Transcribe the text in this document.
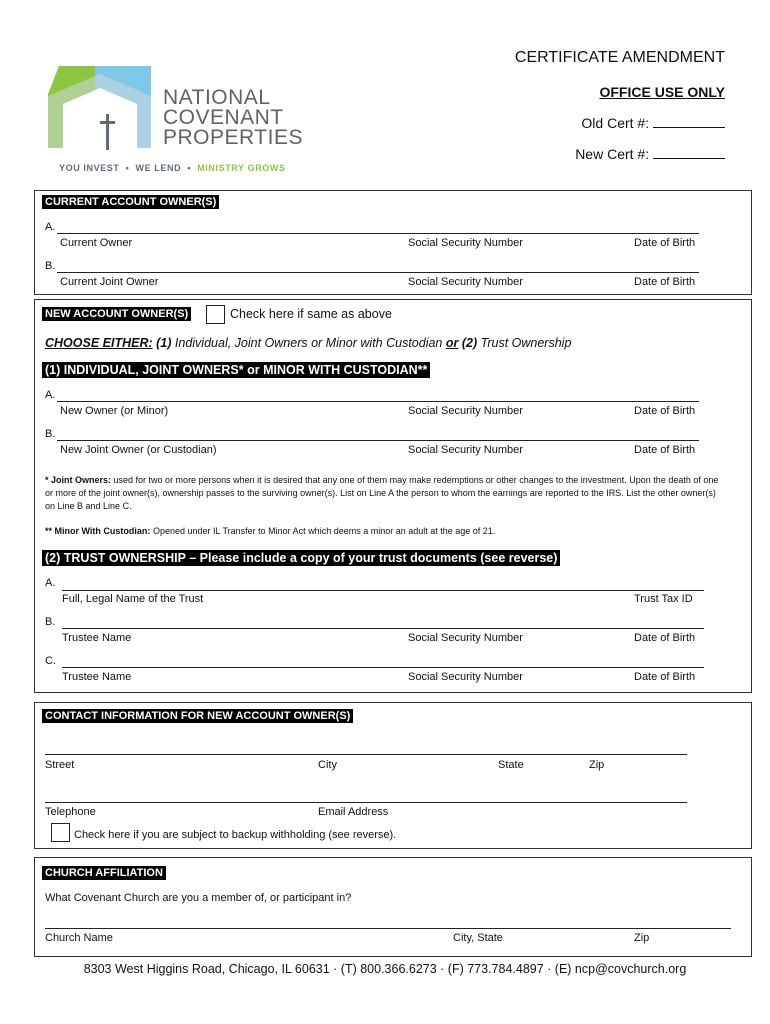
NATIONAL
COVENANT
PROPERTIES
YOU INVEST • WE LEND • MINISTRY GROWS
CERTIFICATE AMENDMENT
OFFICE USE ONLY
Old Cert #:
New Cert #:
CURRENT ACCOUNT OWNER(S)
A.
Current Owner	Social Security Number	Date of Birth
B.
Current Joint Owner	Social Security Number	Date of Birth
NEW ACCOUNT OWNER(S)	Check here if same as above
CHOOSE EITHER: (1) Individual, Joint Owners or Minor with Custodian or (2) Trust Ownership
(1) INDIVIDUAL, JOINT OWNERS* or MINOR WITH CUSTODIAN**
A.
New Owner (or Minor)	Social Security Number	Date of Birth
B.
New Joint Owner (or Custodian)	Social Security Number	Date of Birth
* Joint Owners: used for two or more persons when it is desired that any one of them may make redemptions or other changes to the investment. Upon the death of one or more of the joint owner(s), ownership passes to the surviving owner(s). List on Line A the person to whom the earnings are reported to the IRS. List the other owner(s) on Line B and Line C.
** Minor With Custodian: Opened under IL Transfer to Minor Act which deems a minor an adult at the age of 21.
(2) TRUST OWNERSHIP – Please include a copy of your trust documents (see reverse)
A.
Full, Legal Name of the Trust	Trust Tax ID
B.
Trustee Name	Social Security Number	Date of Birth
C.
Trustee Name	Social Security Number	Date of Birth
CONTACT INFORMATION FOR NEW ACCOUNT OWNER(S)
Street	City	State	Zip
Telephone	Email Address
Check here if you are subject to backup withholding (see reverse).
CHURCH AFFILIATION
What Covenant Church are you a member of, or participant in?
Church Name	City, State	Zip
8303 West Higgins Road, Chicago, IL 60631 · (T) 800.366.6273 · (F) 773.784.4897 · (E) ncp@covchurch.org
